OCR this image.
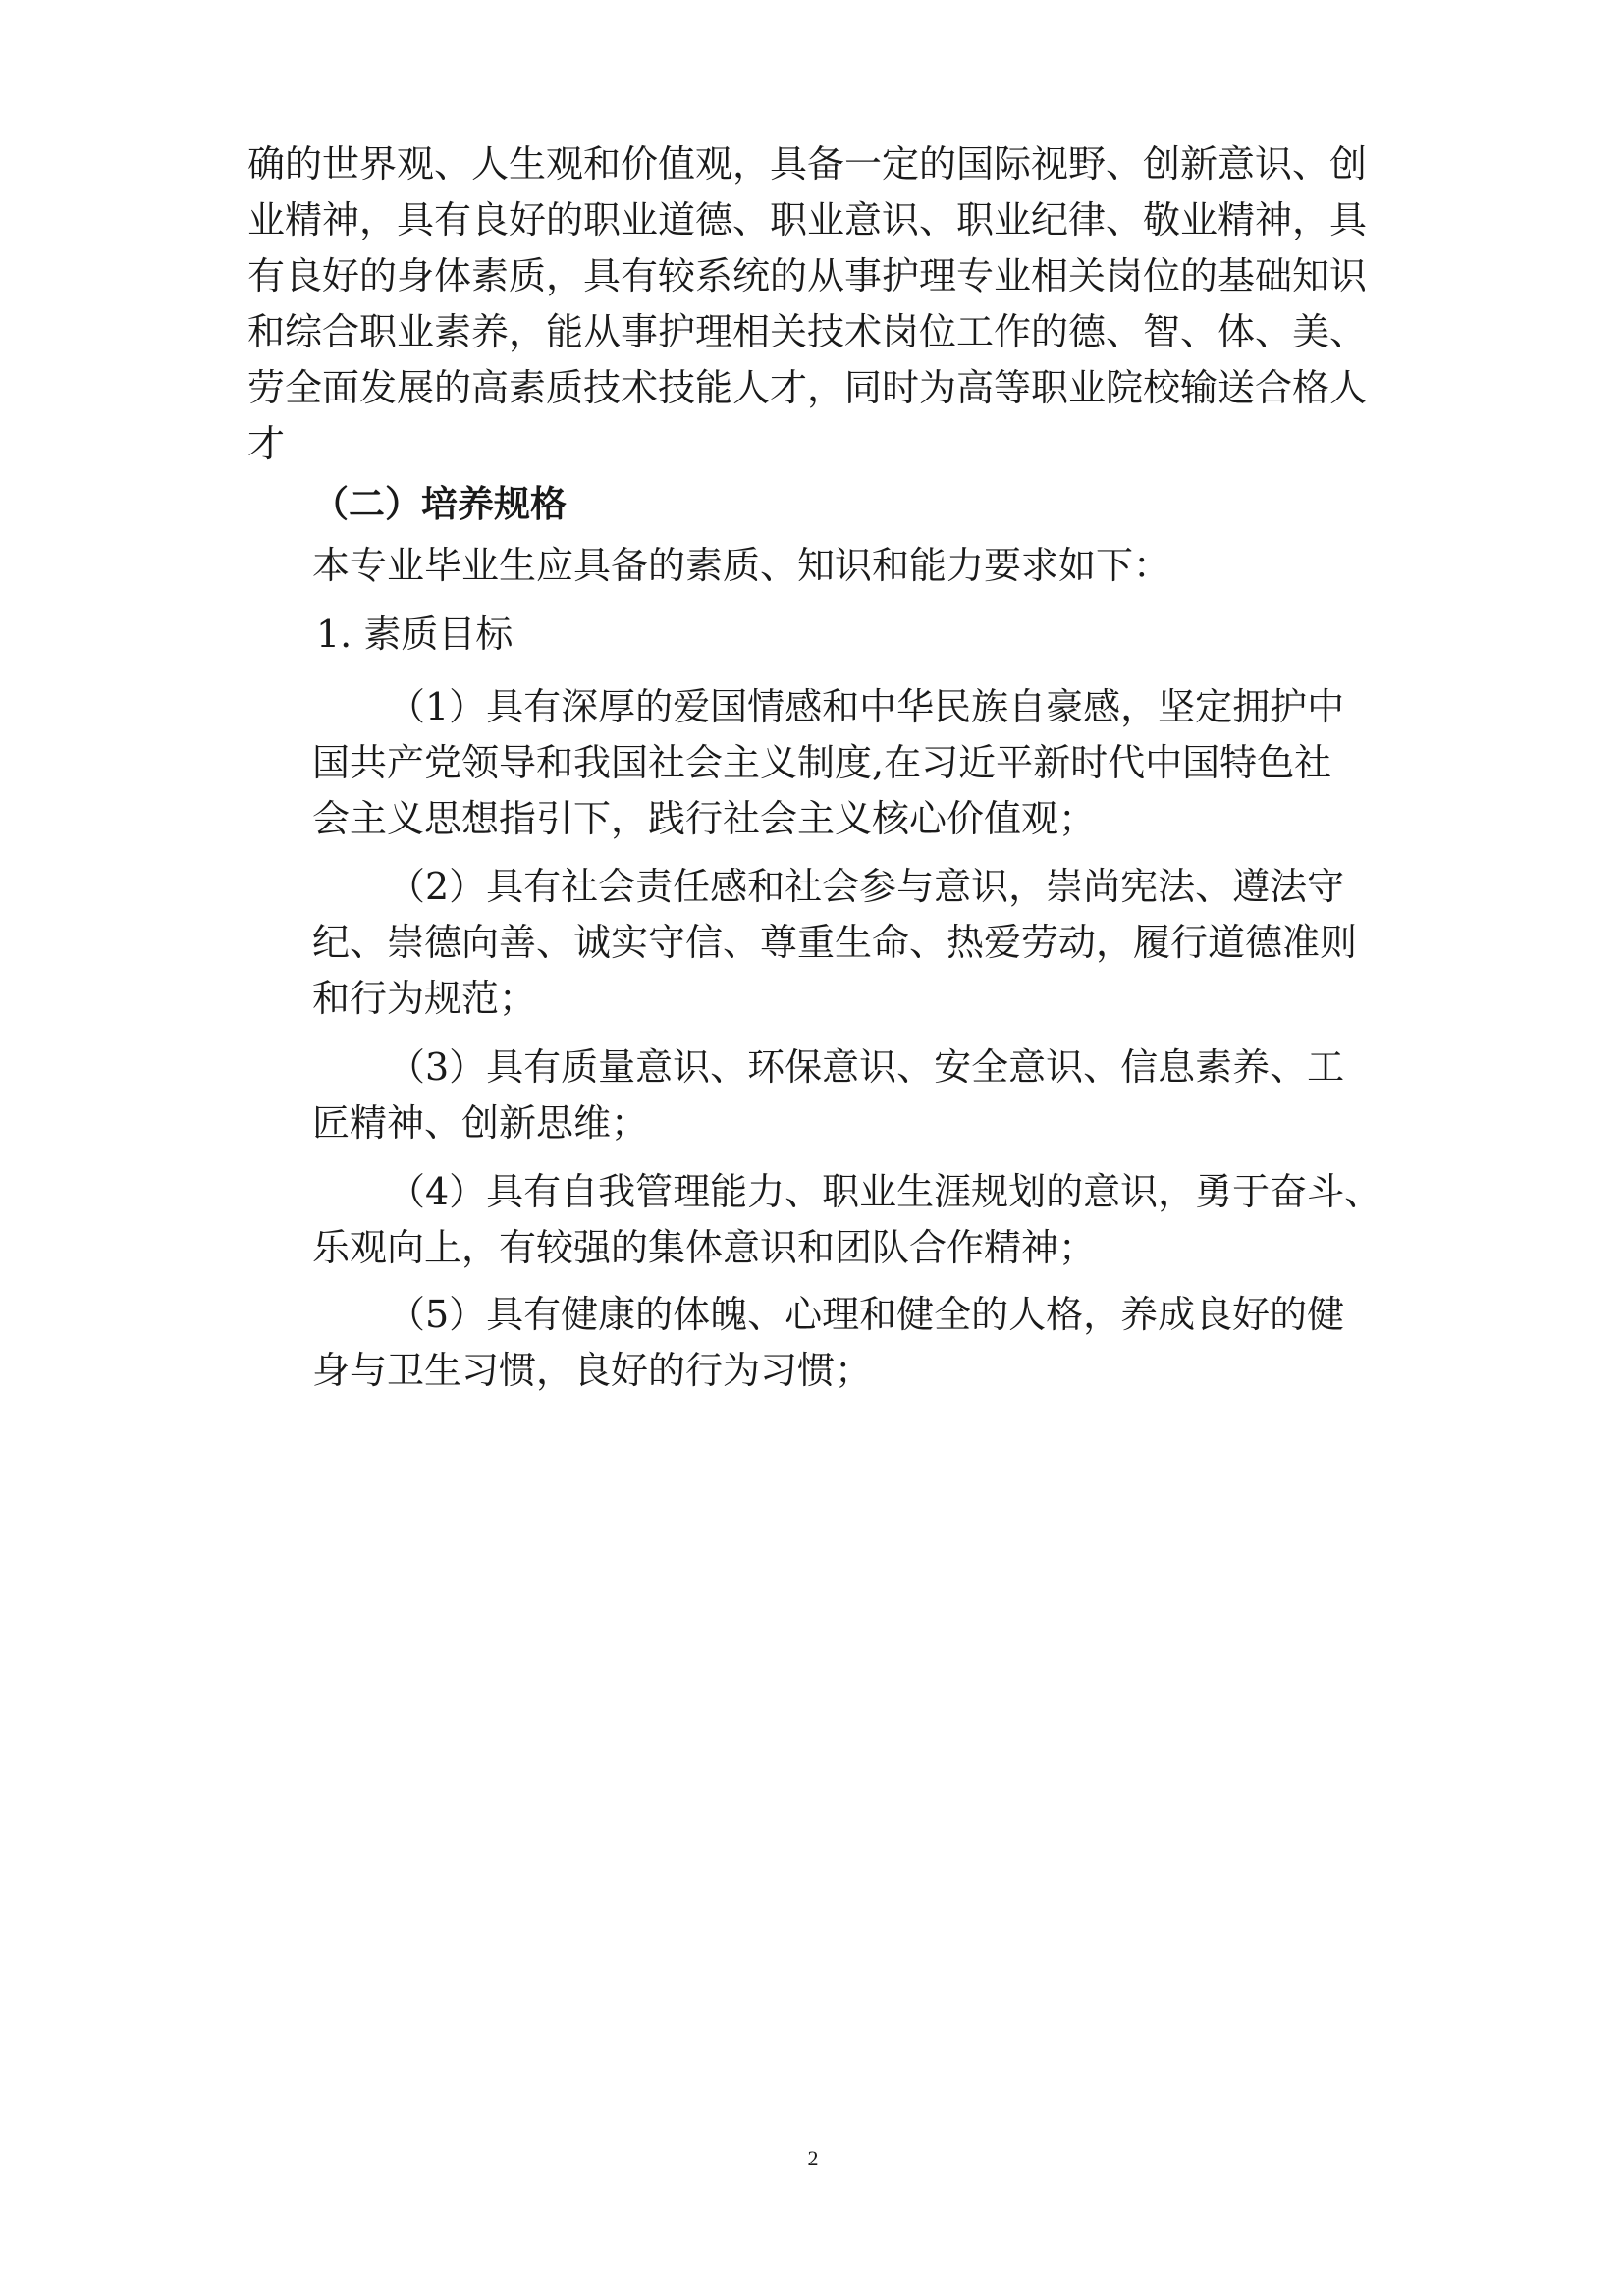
确的世界观、人生观和价值观，具备一定的国际视野、创新意识、创

业精神，具有良好的职业道德、职业意识、职业纪律、敬业精神，具

有良好的身体素质，具有较系统的从事护理专业相关岗位的基础知识

和综合职业素养，能从事护理相关技术岗位工作的德、智、体、美、

劳全面发展的高素质技术技能人才，同时为高等职业院校输送合格人

才

（二）培养规格

本专业毕业生应具备的素质、知识和能力要求如下：

1. 素质目标

（1）具有深厚的爱国情感和中华民族自豪感，坚定拥护中

国共产党领导和我国社会主义制度,在习近平新时代中国特色社

会主义思想指引下，践行社会主义核心价值观；

（2）具有社会责任感和社会参与意识，崇尚宪法、遵法守

纪、崇德向善、诚实守信、尊重生命、热爱劳动，履行道德准则

和行为规范；

（3）具有质量意识、环保意识、安全意识、信息素养、工

匠精神、创新思维；

（4）具有自我管理能力、职业生涯规划的意识，勇于奋斗、

乐观向上，有较强的集体意识和团队合作精神；

（5）具有健康的体魄、心理和健全的人格，养成良好的健

身与卫生习惯，良好的行为习惯；

2
